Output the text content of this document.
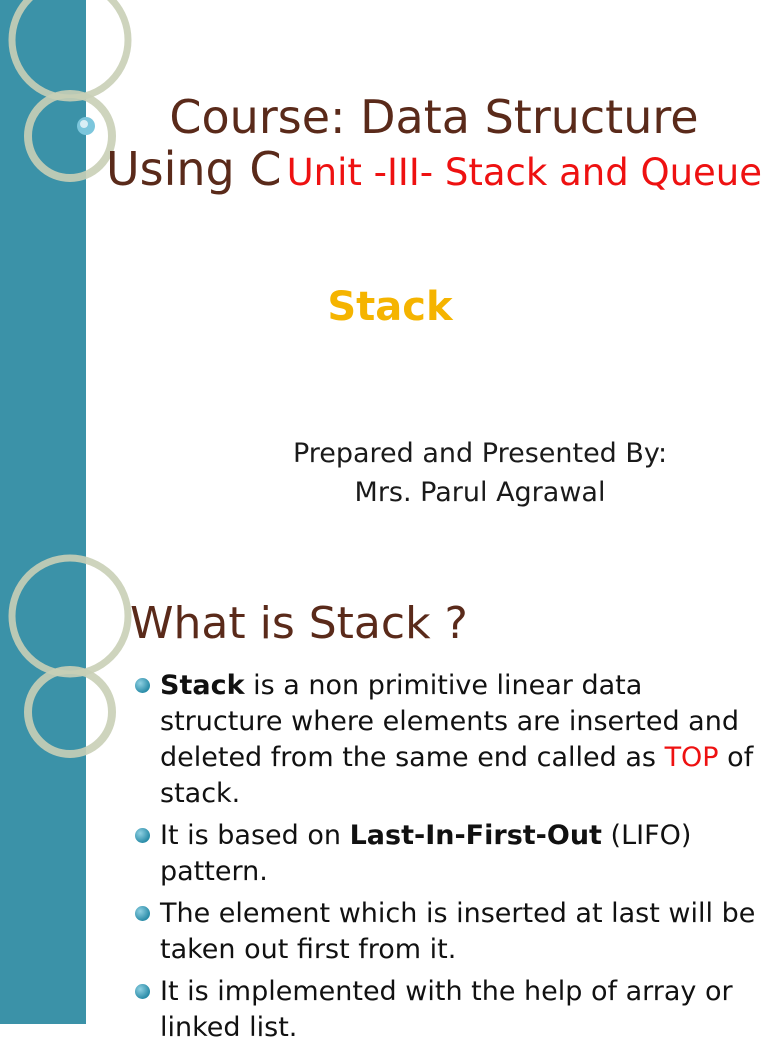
Course: Data Structure Using C Unit -III- Stack and Queue
Stack
Prepared and Presented By:
Mrs. Parul Agrawal
What is Stack ?
Stack is a non primitive linear data structure where elements are inserted and deleted from the same end called as TOP of stack.
It is based on Last-In-First-Out (LIFO) pattern.
The element which is inserted at last will be taken out first from it.
It is implemented with the help of array or linked list.
